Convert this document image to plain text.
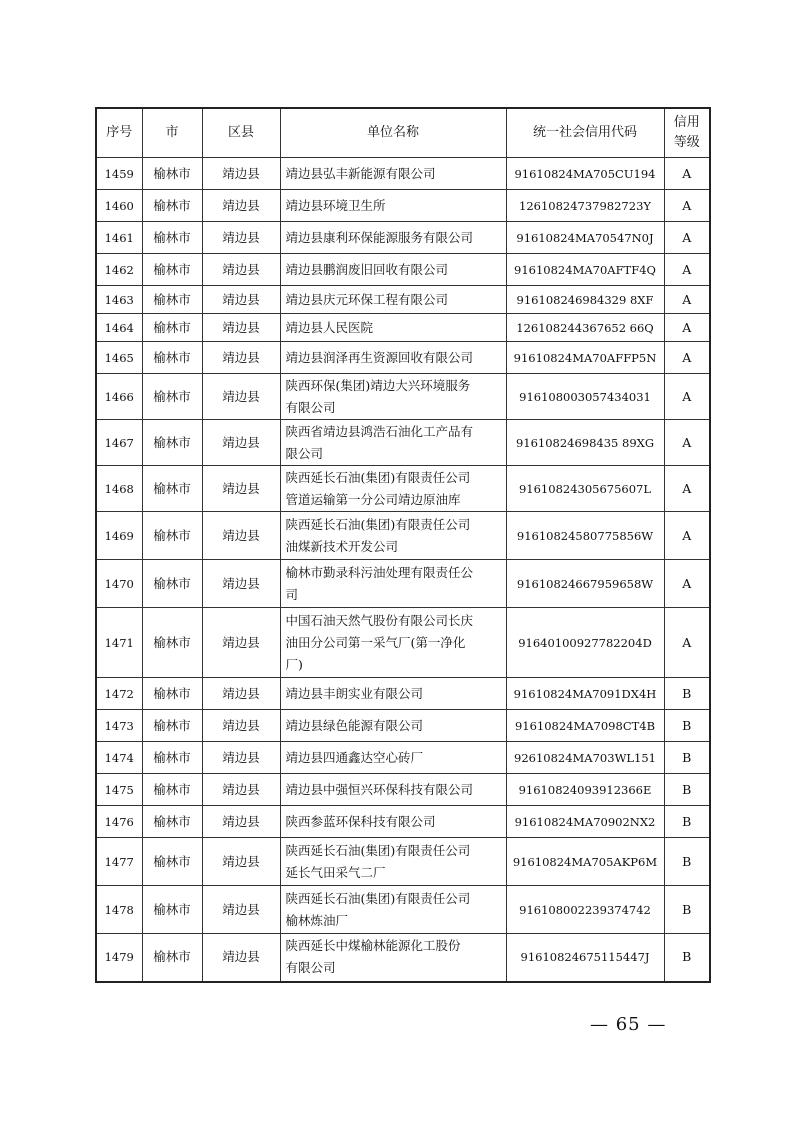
序号	市	区县	单位名称	统一社会信用代码	信用
等级

1459	榆林市	靖边县	靖边县弘丰新能源有限公司	91610824MA705CU194	A
1460	榆林市	靖边县	靖边县环境卫生所	12610824737982723Y	A
1461	榆林市	靖边县	靖边县康利环保能源服务有限公司	91610824MA70547N0J	A
1462	榆林市	靖边县	靖边县鹏润废旧回收有限公司	91610824MA70AFTF4Q	A
1463	榆林市	靖边县	靖边县庆元环保工程有限公司	916108246984329 8XF	A
1464	榆林市	靖边县	靖边县人民医院	126108244367652 66Q	A
1465	榆林市	靖边县	靖边县润泽再生资源回收有限公司	91610824MA70AFFP5N	A
1466	榆林市	靖边县	陕西环保(集团)靖边大兴环境服务
有限公司	916108003057434031	A
1467	榆林市	靖边县	陕西省靖边县鸿浩石油化工产品有
限公司	91610824698435 89XG	A
1468	榆林市	靖边县	陕西延长石油(集团)有限责任公司
管道运输第一分公司靖边原油库	91610824305675607L	A
1469	榆林市	靖边县	陕西延长石油(集团)有限责任公司
油煤新技术开发公司	91610824580775856W	A
1470	榆林市	靖边县	榆林市勤录科污油处理有限责任公
司	91610824667959658W	A
1471	榆林市	靖边县	中国石油天然气股份有限公司长庆
油田分公司第一采气厂(第一净化
厂)	91640100927782204D	A
1472	榆林市	靖边县	靖边县丰朗实业有限公司	91610824MA7091DX4H	B
1473	榆林市	靖边县	靖边县绿色能源有限公司	91610824MA7098CT4B	B
1474	榆林市	靖边县	靖边县四通鑫达空心砖厂	92610824MA703WL151	B
1475	榆林市	靖边县	靖边县中强恒兴环保科技有限公司	91610824093912366E	B
1476	榆林市	靖边县	陕西参蓝环保科技有限公司	91610824MA70902NX2	B
1477	榆林市	靖边县	陕西延长石油(集团)有限责任公司
延长气田采气二厂	91610824MA705AKP6M	B
1478	榆林市	靖边县	陕西延长石油(集团)有限责任公司
榆林炼油厂	916108002239374742	B
1479	榆林市	靖边县	陕西延长中煤榆林能源化工股份
有限公司	91610824675115447J	B
— 65 —
